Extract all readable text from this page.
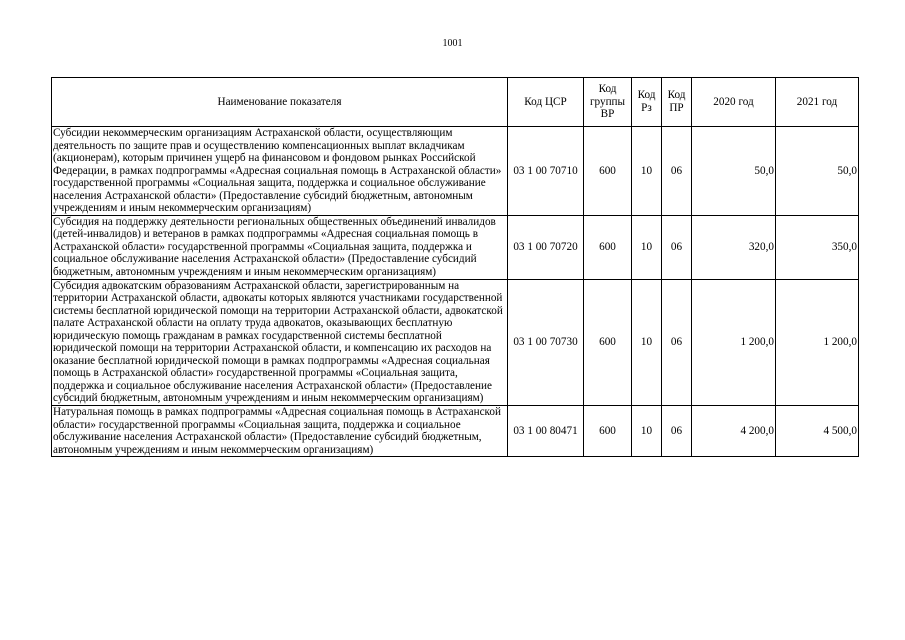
1001
Наименование показателя	Код ЦСР	Код группы ВР	Код Рз	Код ПР	2020 год	2021 год
Субсидии некоммерческим организациям Астраханской области, осуществляющим деятельность по защите прав и осуществлению компенсационных выплат вкладчикам (акционерам), которым причинен ущерб на финансовом и фондовом рынках Российской Федерации, в рамках подпрограммы «Адресная социальная помощь в Астраханской области» государственной программы «Социальная защита, поддержка и социальное обслуживание населения Астраханской области» (Предоставление субсидий бюджетным, автономным учреждениям и иным некоммерческим организациям)	03 1 00 70710	600	10	06	50,0	50,0
Субсидия на поддержку деятельности региональных общественных объединений инвалидов (детей-инвалидов) и ветеранов в рамках подпрограммы «Адресная социальная помощь в Астраханской области» государственной программы «Социальная защита, поддержка и социальное обслуживание населения Астраханской области» (Предоставление субсидий бюджетным, автономным учреждениям и иным некоммерческим организациям)	03 1 00 70720	600	10	06	320,0	350,0
Субсидия адвокатским образованиям Астраханской области, зарегистрированным на территории Астраханской области, адвокаты которых являются участниками государственной системы бесплатной юридической помощи на территории Астраханской области, адвокатской палате Астраханской области на оплату труда адвокатов, оказывающих бесплатную юридическую помощь гражданам в рамках государственной системы бесплатной юридической помощи на территории Астраханской области, и компенсацию их расходов на оказание бесплатной юридической помощи в рамках подпрограммы «Адресная социальная помощь в Астраханской области» государственной программы «Социальная защита, поддержка и социальное обслуживание населения Астраханской области» (Предоставление субсидий бюджетным, автономным учреждениям и иным некоммерческим организациям)	03 1 00 70730	600	10	06	1 200,0	1 200,0
Натуральная помощь в рамках подпрограммы «Адресная социальная помощь в Астраханской области» государственной программы «Социальная защита, поддержка и социальное обслуживание населения Астраханской области» (Предоставление субсидий бюджетным, автономным учреждениям и иным некоммерческим организациям)	03 1 00 80471	600	10	06	4 200,0	4 500,0
